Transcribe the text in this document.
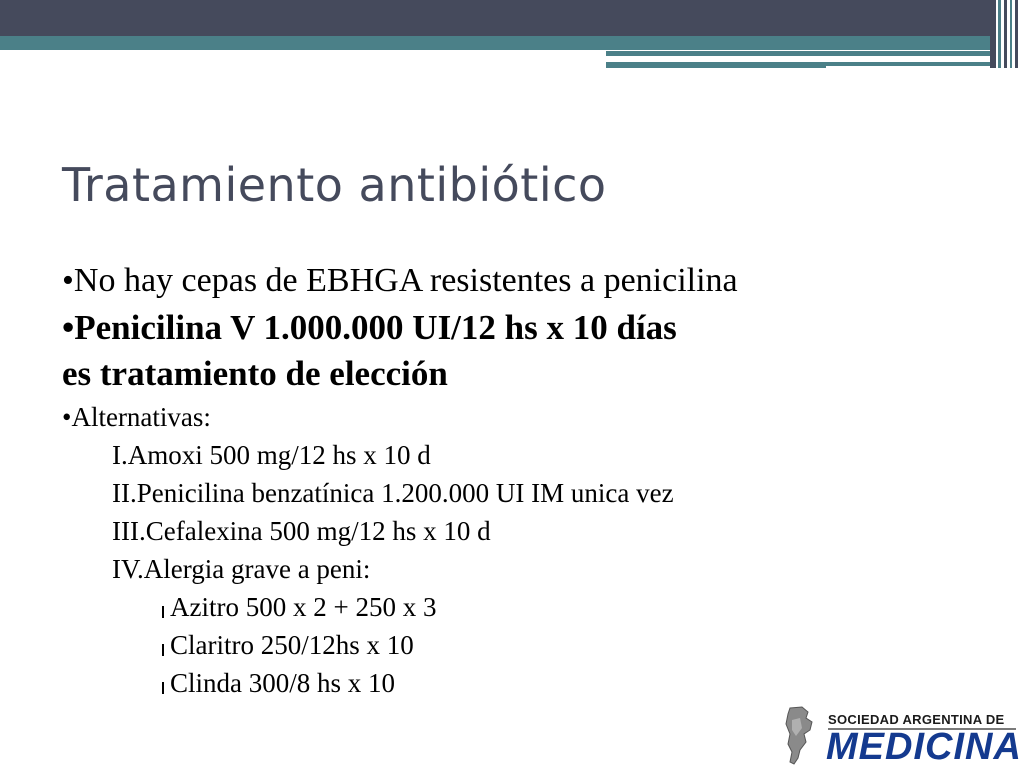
Tratamiento antibiótico
•No hay cepas de EBHGA resistentes a penicilina
•Penicilina V 1.000.000 UI/12 hs x 10 días
es tratamiento de elección
•Alternativas:
I.Amoxi 500 mg/12 hs x 10 d
II.Penicilina benzatínica 1.200.000 UI IM unica vez
III.Cefalexina 500 mg/12 hs x 10 d
IV.Alergia grave a peni:
Azitro 500 x 2 + 250 x 3
Claritro 250/12hs x 10
Clinda 300/8 hs x 10
SOCIEDAD ARGENTINA DE
MEDICINA
